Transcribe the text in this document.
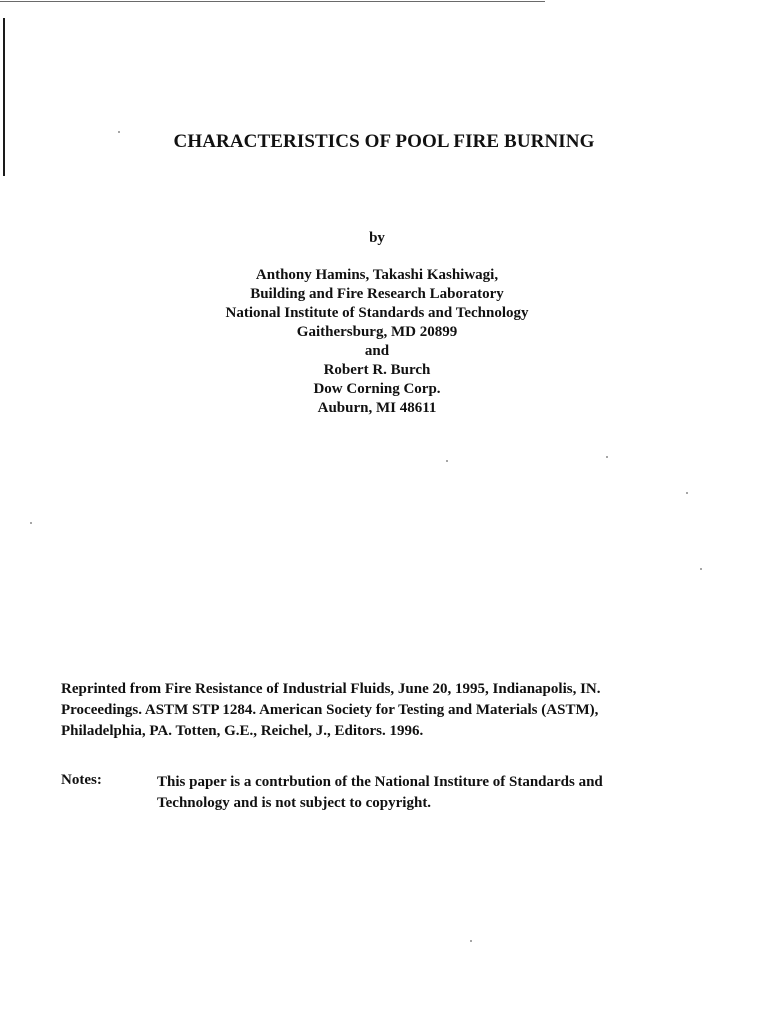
CHARACTERISTICS OF POOL FIRE BURNING
by
Anthony Hamins, Takashi Kashiwagi,
Building and Fire Research Laboratory
National Institute of Standards and Technology
Gaithersburg, MD 20899
and
Robert R. Burch
Dow Corning Corp.
Auburn, MI 48611
Reprinted from Fire Resistance of Industrial Fluids, June 20, 1995, Indianapolis, IN.
Proceedings. ASTM STP 1284. American Society for Testing and Materials (ASTM),
Philadelphia, PA. Totten, G.E., Reichel, J., Editors. 1996.
Notes:	This paper is a contrbution of the National Institure of Standards and
Technology and is not subject to copyright.
